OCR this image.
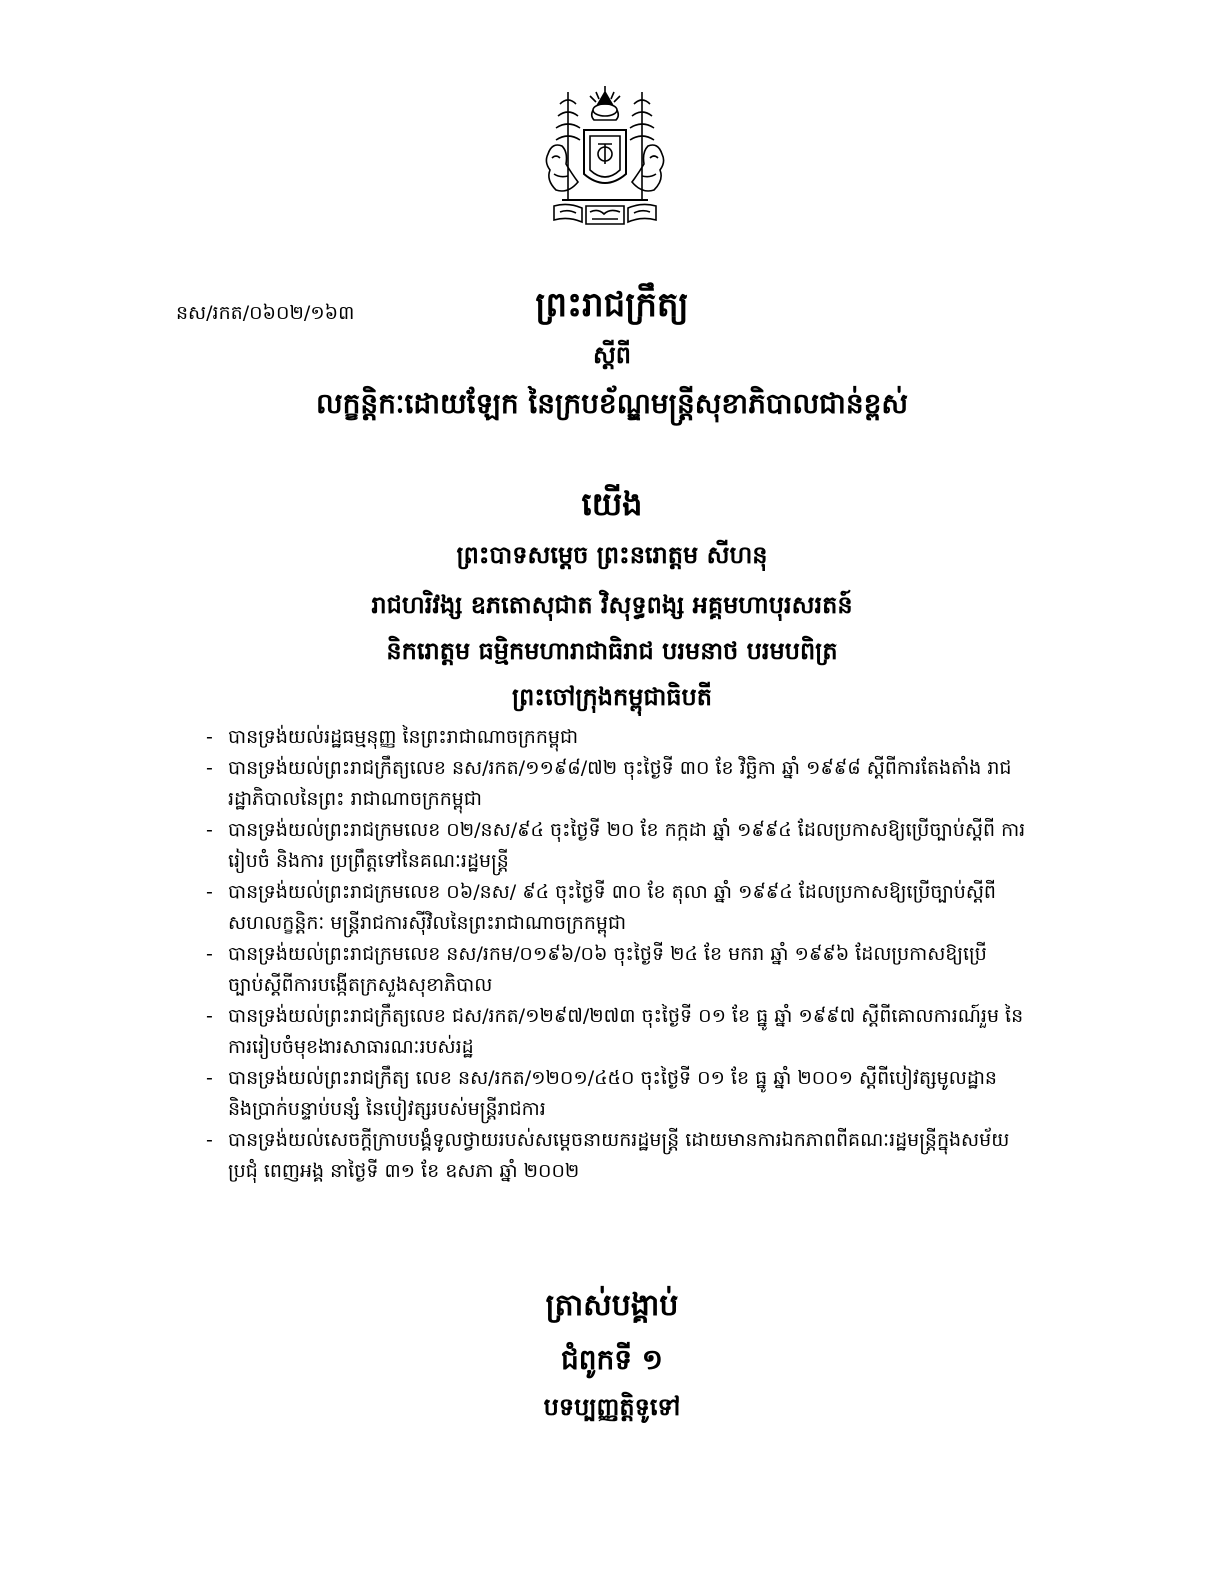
នស/រកត/០៦០២/១៦៣	ព្រះរាជក្រឹត្យ
ស្តីពី
លក្ខន្តិកៈដោយឡែក នៃក្របខ័ណ្ឌមន្ត្រីសុខាភិបាលជាន់ខ្ពស់
យើង
ព្រះបាទសម្តេច ព្រះនរោត្តម សីហនុ
រាជហរិវង្ស ឧភតោសុជាត វិសុទ្ធពង្ស អគ្គមហាបុរសរតន៍
និករោត្តម ធម្មិកមហារាជាធិរាជ បរមនាថ បរមបពិត្រ
ព្រះចៅក្រុងកម្ពុជាធិបតី
- បានទ្រង់យល់រដ្ឋធម្មនុញ្ញ នៃព្រះរាជាណាចក្រកម្ពុជា
- បានទ្រង់យល់ព្រះរាជក្រឹត្យលេខ នស/រកត/១១៩៨/៧២ ចុះថ្ងៃទី ៣០ ខែ វិច្ឆិកា ឆ្នាំ ១៩៩៨ ស្តីពីការតែងតាំង រាជរដ្ឋាភិបាលនៃព្រះ រាជាណាចក្រកម្ពុជា
- បានទ្រង់យល់ព្រះរាជក្រមលេខ ០២/នស/៩៤ ចុះថ្ងៃទី ២០ ខែ កក្កដា ឆ្នាំ ១៩៩៤ ដែលប្រកាសឱ្យប្រើច្បាប់ស្តីពី ការរៀបចំ និងការ ប្រព្រឹត្តទៅនៃគណៈរដ្ឋមន្ត្រី
- បានទ្រង់យល់ព្រះរាជក្រមលេខ ០៦/នស/ ៩៤ ចុះថ្ងៃទី ៣០ ខែ តុលា ឆ្នាំ ១៩៩៤ ដែលប្រកាសឱ្យប្រើច្បាប់ស្តីពី សហលក្ខន្តិកៈ មន្ត្រីរាជការស៊ីវិលនៃព្រះរាជាណាចក្រកម្ពុជា
- បានទ្រង់យល់ព្រះរាជក្រមលេខ នស/រកម/០១៩៦/០៦ ចុះថ្ងៃទី ២៤ ខែ មករា ឆ្នាំ ១៩៩៦ ដែលប្រកាសឱ្យប្រើ ច្បាប់ស្តីពីការបង្កើតក្រសួងសុខាភិបាល
- បានទ្រង់យល់ព្រះរាជក្រឹត្យលេខ ជស/រកត/១២៩៧/២៧៣ ចុះថ្ងៃទី ០១ ខែ ធ្នូ ឆ្នាំ ១៩៩៧ ស្តីពីគោលការណ៍រួម នៃការរៀបចំមុខងារសាធារណៈរបស់រដ្ឋ
- បានទ្រង់យល់ព្រះរាជក្រឹត្យ លេខ នស/រកត/១២០១/៤៥០ ចុះថ្ងៃទី ០១ ខែ ធ្នូ ឆ្នាំ ២០០១ ស្តីពីបៀវត្សមូលដ្ឋាន និងប្រាក់បន្ទាប់បន្សំ នៃបៀវត្សរបស់មន្ត្រីរាជការ
- បានទ្រង់យល់សេចក្តីក្រាបបង្គំទូលថ្វាយរបស់សម្តេចនាយករដ្ឋមន្ត្រី ដោយមានការឯកភាពពីគណៈរដ្ឋមន្ត្រីក្នុងសម័យប្រជុំ ពេញអង្គ នាថ្ងៃទី ៣១ ខែ ឧសភា ឆ្នាំ ២០០២
ត្រាស់បង្គាប់
ជំពូកទី ១
បទប្បញ្ញត្តិទូទៅ
